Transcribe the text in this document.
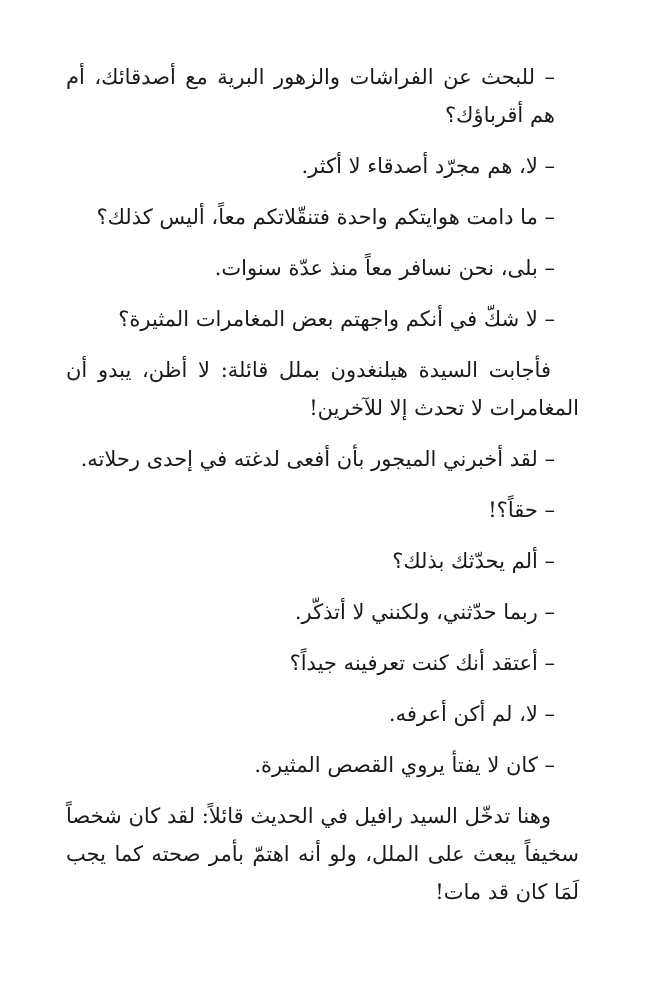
– للبحث عن الفراشات والزهور البرية مع أصدقائك، أم هم أقرباؤك؟

– لا، هم مجرّد أصدقاء لا أكثر.

– ما دامت هوايتكم واحدة فتنقّلاتكم معاً، أليس كذلك؟

– بلى، نحن نسافر معاً منذ عدّة سنوات.

– لا شكّ في أنكم واجهتم بعض المغامرات المثيرة؟

فأجابت السيدة هيلنغدون بملل قائلة: لا أظن، يبدو أن المغامرات لا تحدث إلا للآخرين!

– لقد أخبرني الميجور بأن أفعى لدغته في إحدى رحلاته.

– حقاً؟!

– ألم يحدّثك بذلك؟

– ربما حدّثني، ولكنني لا أتذكّر.

– أعتقد أنك كنت تعرفينه جيداً؟

– لا، لم أكن أعرفه.

– كان لا يفتأ يروي القصص المثيرة.

وهنا تدخّل السيد رافيل في الحديث قائلاً: لقد كان شخصاً سخيفاً يبعث على الملل، ولو أنه اهتمّ بأمر صحته كما يجب لَمَا كان قد مات!
